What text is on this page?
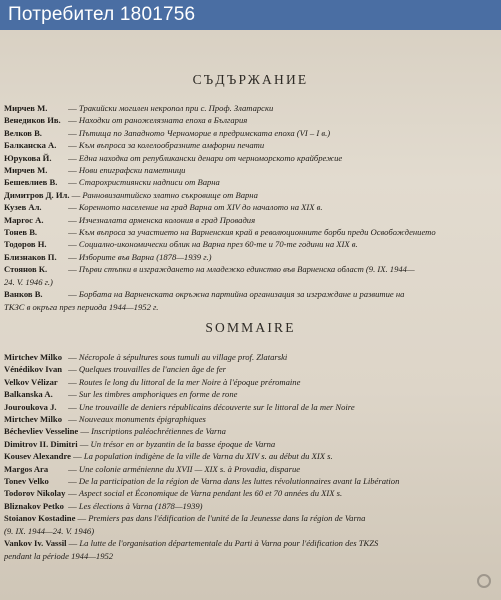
Потребител 1801756
СЪДЪРЖАНИЕ
Мирчев М. — Тракийски могилен некропол при с. Проф. Златарски
Венедиков Ив. — Находки от раножелязната епоха в България
Велков В.	— Пътища по Западното Черноморие в предримската епоха (VI – I в.)
Балканска А. — Към въпроса за колелообразните амфорни печати
Юрукова Й. — Една находка от републикански денари от черноморското крайбрежие
Мирчев М. — Нови епиграфски паметници
Бешевлиев В. — Старохристиянски надписи от Варна
Димитров Д. Ил. — Ранновизантийско златно съкровище от Варна
Кузев Ал.	— Коренното население на град Варна от XIV до началото на XIX в.
Маргос А.	— Изчезналата арменска колония в град Провадия
Тонев В.	— Към въпроса за участието на Варненския край в революционните борби преди Освобождението
Тодоров Н. — Социално-икономически облик на Варна през 60-те и 70-те години на XIX в.
Близнаков П. — Изборите във Варна (1878—1939 г.)
Стоянов К. — Първи стъпки в изграждането на младежко единство във Варненска област (9. IX. 1944—
24. V. 1946 г.)
Ванков В.	— Борбата на Варненската окръжна партийна организация за изграждане и развитие на
ТКЗС в окръга през периода 1944—1952 г.
SOMMAIRE
Mirtchev Milko — Nécropole à sépultures sous tumuli au village prof. Zlatarski
Vénédikov Ivan — Quelques trouvailles de l'ancien âge de fer
Velkov Vélizar — Routes le long du littoral de la mer Noire à l'époque préromaine
Balkanska A. — Sur les timbres amphoriques en forme de rone
Jourоukova J. — Une trouvaille de deniers républicains découverte sur le littoral de la mer Noire
Mirtchev Milko — Nouveaux monuments épigraphiques
Béchevliev Vesseline — Inscriptions paléochrétiennes de Varna
Dimitrov II. Dimitri — Un trésor en or byzantin de la basse époque de Varna
Kousev Alexandre — La population indigène de la ville de Varna du XIV s. au début du XIX s.
Margos Ara — Une colonie arménienne du XVII — XIX s. à Provadia, disparue
Tonev Velko — De la participation de la région de Varna dans les luttes révolutionnaires avant la Libération
Todorov Nikolay — Aspect social et Économique de Varna pendant les 60 et 70 années du XIX s.
Bliznakov Petko — Les élections à Varna (1878—1939)
Stoianov Kostadine — Premiers pas dans l'édification de l'unité de la Jeunesse dans la région de Varna
(9. IX. 1944—24. V. 1946)
Vankov Iv. Vassil — La lutte de l'organisation départementale du Parti à Varna pour l'édification des TKZS
pendant la période 1944—1952
